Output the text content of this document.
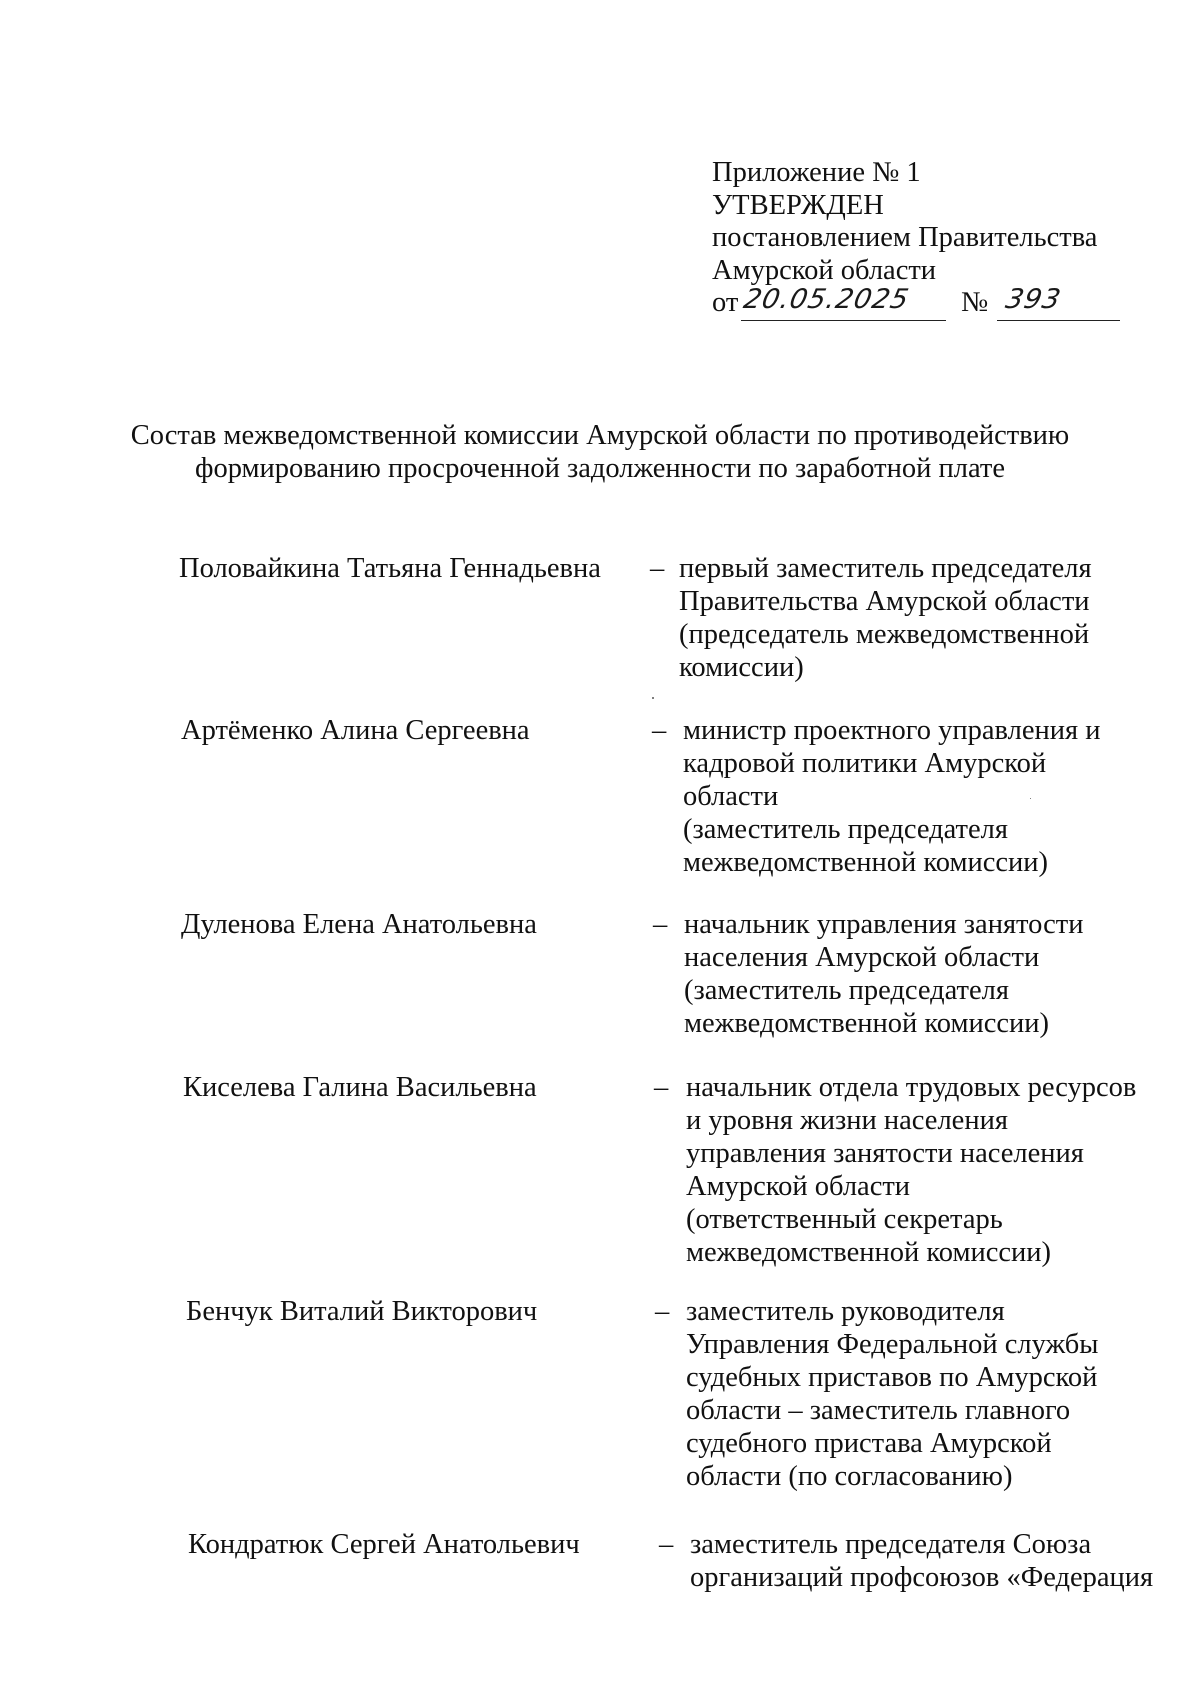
Приложение № 1
УТВЕРЖДЕН
постановлением Правительства
Амурской области
от 20.05.2025	№ 393
Состав межведомственной комиссии Амурской области по противодействию
формированию просроченной задолженности по заработной плате
Половайкина Татьяна Геннадьевна – первый заместитель председателя
Правительства Амурской области
(председатель межведомственной
комиссии)
Артёменко Алина Сергеевна	– министр проектного управления и
кадровой политики Амурской
области
(заместитель председателя
межведомственной комиссии)
Дуленова Елена Анатольевна	– начальник управления занятости
населения Амурской области
(заместитель председателя
межведомственной комиссии)
Киселева Галина Васильевна	– начальник отдела трудовых ресурсов
и уровня жизни населения
управления занятости населения
Амурской области
(ответственный секретарь
межведомственной комиссии)
Бенчук Виталий Викторович	– заместитель руководителя
Управления Федеральной службы
судебных приставов по Амурской
области – заместитель главного
судебного пристава Амурской
области (по согласованию)
Кондратюк Сергей Анатольевич	– заместитель председателя Союза
организаций профсоюзов «Федерация
